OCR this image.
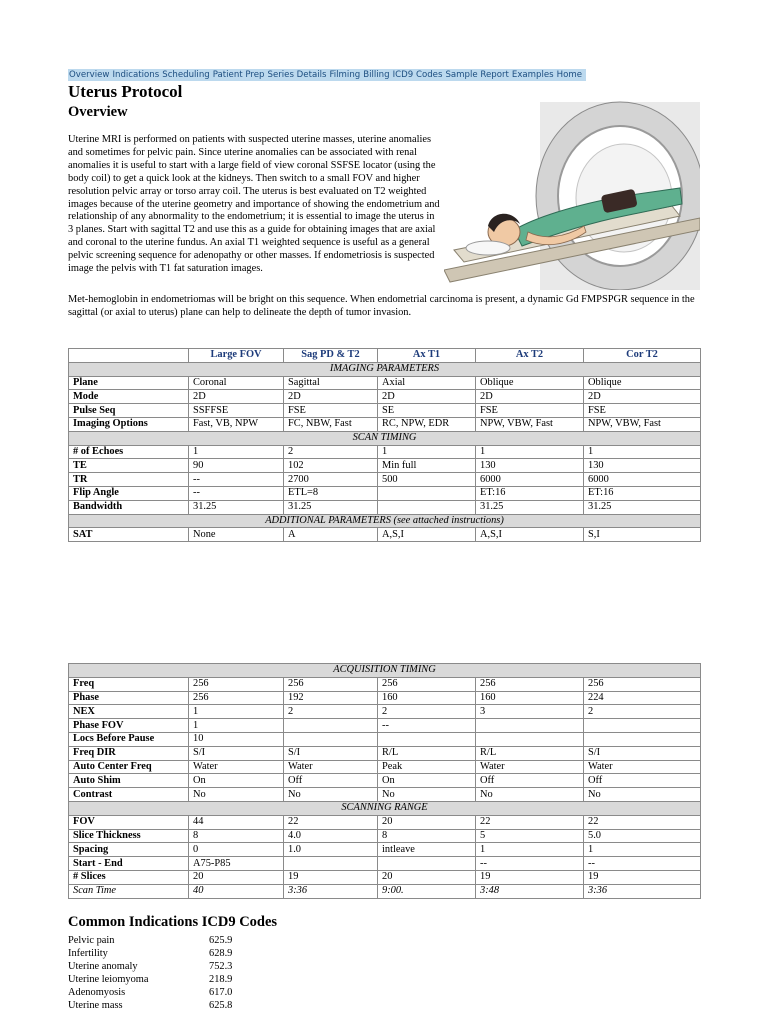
Overview Indications Scheduling Patient Prep Series Details Filming Billing ICD9 Codes Sample Report Examples Home
Uterus Protocol
Overview

Uterine MRI is performed on patients with suspected uterine masses, uterine anomalies and sometimes for pelvic pain. Since uterine anomalies can be associated with renal anomalies it is useful to start with a large field of view coronal SSFSE locator (using the body coil) to get a quick look at the kidneys. Then switch to a small FOV and higher resolution pelvic array or torso array coil. The uterus is best evaluated on T2 weighted images because of the uterine geometry and importance of showing the endometrium and relationship of any abnormality to the endometrium; it is essential to image the uterus in 3 planes. Start with sagittal T2 and use this as a guide for obtaining images that are axial and coronal to the uterine fundus. An axial T1 weighted sequence is useful as a general pelvic screening sequence for adenopathy or other masses. If endometriosis is suspected image the pelvis with T1 fat saturation images.

Met-hemoglobin in endometriomas will be bright on this sequence. When endometrial carcinoma is present, a dynamic Gd FMPSPGR sequence in the sagittal (or axial to uterus) plane can help to delineate the depth of tumor invasion.

	Large FOV	Sag PD & T2	Ax T1	Ax T2	Cor T2
IMAGING PARAMETERS					
Plane	Coronal	Sagittal	Axial	Oblique	Oblique
Mode	2D	2D	2D	2D	2D
Pulse Seq	SSFFSE	FSE	SE	FSE	FSE
Imaging Options	Fast, VB, NPW	FC, NBW, Fast	RC, NPW, EDR	NPW, VBW, Fast	NPW, VBW, Fast
SCAN TIMING					
# of Echoes	1	2	1	1	1
TE	90	102	Min full	130	130
TR	--	2700	500	6000	6000
Flip Angle	--	ETL=8		ET:16	ET:16
Bandwidth	31.25	31.25		31.25	31.25
ADDITIONAL PARAMETERS (see attached instructions)					
SAT	None	A	A,S,I	A,S,I	S,I
ACQUISITION TIMING					
Freq	256	256	256	256	256
Phase	256	192	160	160	224
NEX	1	2	2	3	2
Phase FOV	1		--		
Locs Before Pause	10				
Freq DIR	S/I	S/I	R/L	R/L	S/I
Auto Center Freq	Water	Water	Peak	Water	Water
Auto Shim	On	Off	On	Off	Off
Contrast	No	No	No	No	No
SCANNING RANGE					
FOV	44	22	20	22	22
Slice Thickness	8	4.0	8	5	5.0
Spacing	0	1.0	intleave	1	1
Start - End	A75-P85			--	--
# Slices	20	19	20	19	19
Scan Time	40	3:36	9:00.	3:48	3:36
Common Indications ICD9 Codes
Pelvic pain	625.9
Infertility	628.9
Uterine anomaly	752.3
Uterine leiomyoma	218.9
Adenomyosis	617.0
Uterine mass	625.8
